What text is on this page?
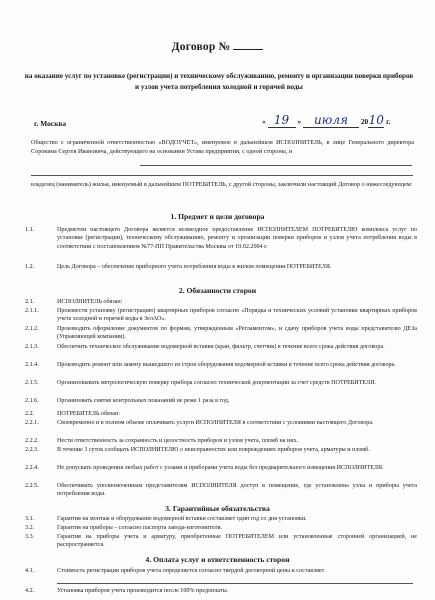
Договор №
на оказание услуг по установке (регистрации) и техническому обслуживанию, ремонту и организации поверки приборов и узлов учета потребления холодной и горячей воды
г. Москва	« 19 » июля 2010 г.
Общество с ограниченной ответственностью «ВОДОУЧЕТ», именуемое в дальнейшем ИСПОЛНИТЕЛЬ, в лице Генерального директора Сорокина Сергея Ивановича, действующего на основании Устава предприятия, с одной стороны, и
владелец (наниматель) жилья, именуемый в дальнейшем ПОТРЕБИТЕЛЬ, с другой стороны, заключили настоящий Договор о нижеследующем:
1. Предмет и цели договора
1.1.	Предметом настоящего Договора является возмездное предоставление ИСПОЛНИТЕЛЕМ ПОТРЕБИТЕЛЮ комплекса услуг по установке (регистрации), техническому обслуживанию, ремонту и организации поверки приборов и узлов учета потребления воды в соответствии с постановлением №77-ПП Правительства Москвы от 10.02.2004 г.
1.2.	Цель Договора – обеспечение приборного учета потребления воды в жилом помещении ПОТРЕБИТЕЛЯ.
2. Обязанности сторон
2.1.	ИСПОЛНИТЕЛЬ обязан:
2.1.1.	Произвести установку (регистрацию) квартирных приборов согласно «Порядка и технических условий установки квартирных приборов учета холодной и горячей воды в ЗелАО».
2.1.2.	Производить оформление документов по формам, утвержденным «Регламентом», и сдачу приборов учета воды представителю ДЕЗа (Управляющей компании).
2.1.3.	Обеспечить техническое обслуживание водомерной вставки (кран, фильтр, счетчик) в течение всего срока действия договора.
2.1.4.	Производить ремонт или замену вышедшего из строя оборудования водомерной вставки в течение всего срока действия договора.
2.1.5.	Организовывать метрологическую поверку прибора согласно технической документации за счет средств ПОТРЕБИТЕЛЯ.
2.1.6.	Организовать снятие контрольных показаний не реже 1 раза в год.
2.2.	ПОТРЕБИТЕЛЬ обязан:
2.2.1.	Своевременно и в полном объеме оплачивать услуги ИСПОЛНИТЕЛЯ в соответствии с условиями настоящего Договора.
2.2.2.	Нести ответственность за сохранность и целостность приборов и узлов учета, пломб на них.
2.2.3.	В течение 3 суток сообщать ИСПОЛНИТЕЛЮ о неисправностях или повреждениях приборов учета, арматуры и пломб.
2.2.4.	Не допускать проведения любых работ с узлами и приборами учета воды без предварительного извещения ИСПОЛНИТЕЛЯ.
2.2.5.	Обеспечивать уполномоченным представителям ИСПОЛНИТЕЛЯ доступ в помещение, где установлены узлы и приборы учета потребления воды.
3. Гарантийные обязательства
3.1.	Гарантия на монтаж и оборудование водомерной вставки составляет один год со дня установки.
3.2.	Гарантия на приборы – согласно паспорта завода-изготовителя.
3.3.	Гарантия на приборы учета и арматуру, приобретенные ПОТРЕБИТЕЛЕМ или установленные сторонней организацией, не распространяется.
4. Оплата услуг и ответственность сторон
4.1.	Стоимость регистрации приборов учета определяется согласно твердой договорной цены и составляет
4.2.	Установка приборов учета производится после 100% предоплаты.
